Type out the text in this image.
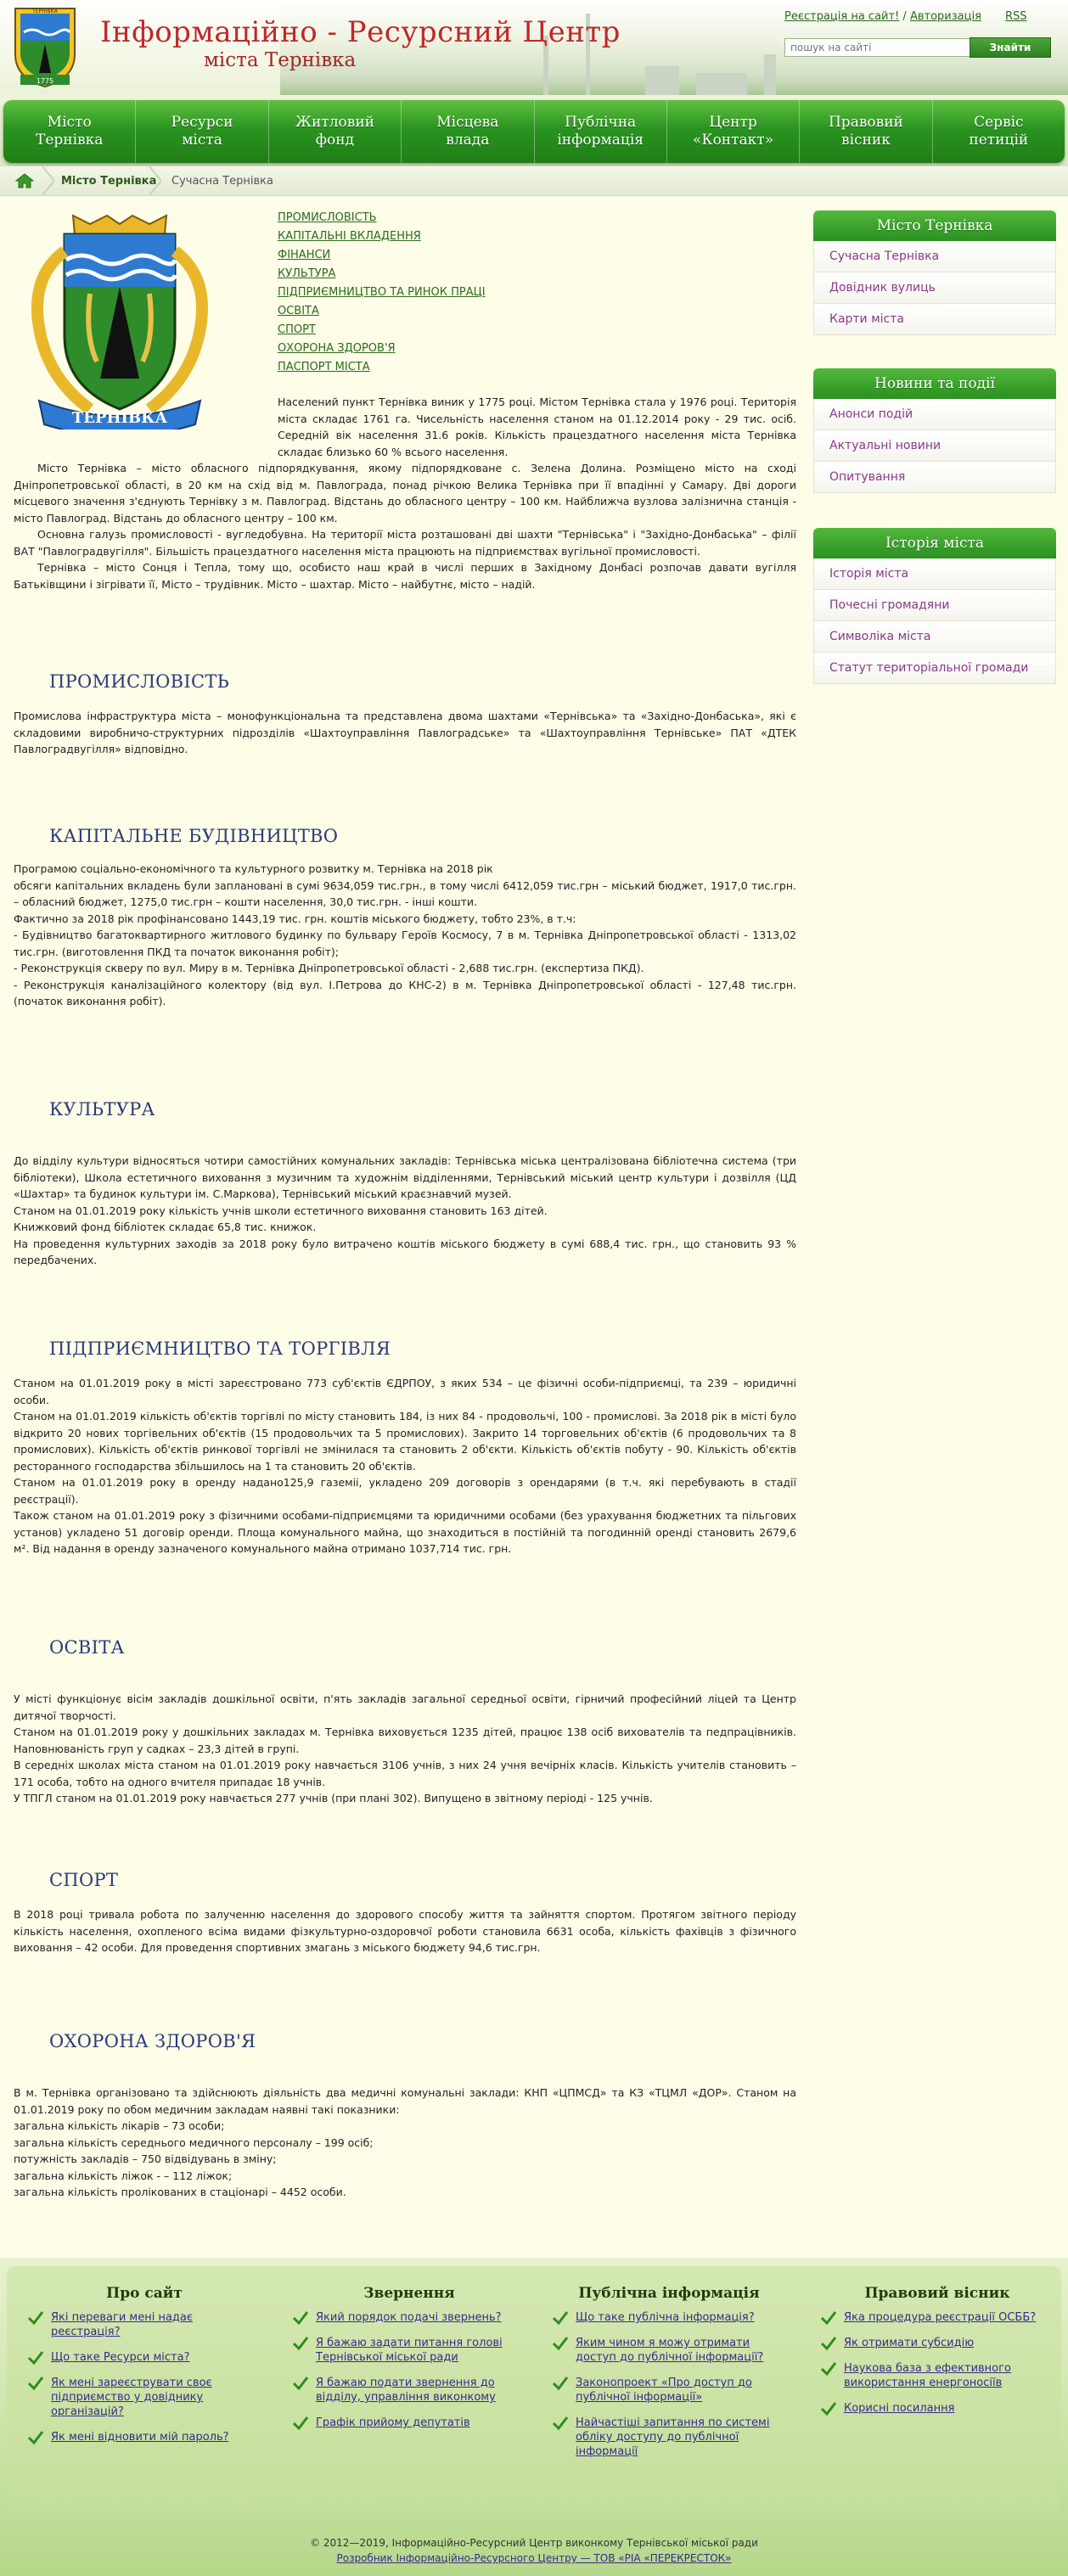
1775
ТЕРНІВКА
Інформаційно - Ресурсний Центр
міста Тернівка
Реєстрація на сайт! / Авторизація RSS
пошук на сайті
Знайти
Місто
Тернівка
Ресурси
міста
Житловий
фонд
Місцева
влада
Публічна
інформація
Центр
«Контакт»
Правовий
вісник
Сервіс
петицій
Місто Тернівка Сучасна Тернівка
ТЕРНІВКА
ПРОМИСЛОВІСТЬ
КАПІТАЛЬНІ ВКЛАДЕННЯ
ФІНАНСИ
КУЛЬТУРА
ПІДПРИЄМНИЦТВО ТА РИНОК ПРАЦІ
ОСВІТА
СПОРТ
ОХОРОНА ЗДОРОВ'Я
ПАСПОРТ МІСТА

Населений пункт Тернівка виник у 1775 році. Містом Тернівка стала у 1976 році. Територія міста складає 1761 га. Чисельність населення станом на 01.12.2014 року - 29 тис. осіб. Середній вік населення 31.6 років. Кількість працездатного населення міста Тернівка складає близько 60 % всього населення.

Місто Тернівка – місто обласного підпорядкування, якому підпорядковане с. Зелена Долина. Розміщено місто на сході Дніпропетровської області, в 20 км на схід від м. Павлограда, понад річкою Велика Тернівка при її впадінні у Самару. Дві дороги місцевого значення з'єднують Тернівку з м. Павлоград. Відстань до обласного центру – 100 км. Найближча вузлова залізнична станція - місто Павлоград. Відстань до обласного центру – 100 км.

Основна галузь промисловості - вугледобувна. На території міста розташовані дві шахти "Тернівська" і "Західно-Донбаська" – філії ВАТ "Павлоградвугілля". Більшість працездатного населення міста працюють на підприємствах вугільної промисловості.

Тернівка – місто Сонця і Тепла, тому що, особисто наш край в числі перших в Західному Донбасі розпочав давати вугілля Батьківщини і зігрівати її, Місто – трудівник. Місто – шахтар. Місто – найбутнє, місто – надій.

ПРОМИСЛОВІСТЬ

Промислова інфраструктура міста – монофункціональна та представлена двома шахтами «Тернівська» та «Західно-Донбаська», які є складовими виробничо-структурних підрозділів «Шахтоуправління Павлоградське» та «Шахтоуправління Тернівське» ПАТ «ДТЕК Павлоградвугілля» відповідно.

КАПІТАЛЬНЕ БУДІВНИЦТВО

Програмою соціально-економічного та культурного розвитку м. Тернівка на 2018 рік

обсяги капітальних вкладень були заплановані в сумі 9634,059 тис.грн., в тому числі 6412,059 тис.грн – міський бюджет, 1917,0 тис.грн. – обласний бюджет, 1275,0 тис.грн – кошти населення, 30,0 тис.грн. - інші кошти.

Фактично за 2018 рік профінансовано 1443,19 тис. грн. коштів міського бюджету, тобто 23%, в т.ч:

- Будівництво багатоквартирного житлового будинку по бульвару Героїв Космосу, 7 в м. Тернівка Дніпропетровської області - 1313,02 тис.грн. (виготовлення ПКД та початок виконання робіт);

- Реконструкція скверу по вул. Миру в м. Тернівка Дніпропетровської області - 2,688 тис.грн. (експертиза ПКД).

- Реконструкція каналізаційного колектору (від вул. І.Петрова до КНС-2) в м. Тернівка Дніпропетровської області - 127,48 тис.грн. (початок виконання робіт).

КУЛЬТУРА

До відділу культури відносяться чотири самостійних комунальних закладів: Тернівська міська централізована бібліотечна система (три бібліотеки), Школа естетичного виховання з музичним та художнім відділеннями, Тернівський міський центр культури і дозвілля (ЦД «Шахтар» та будинок культури ім. С.Маркова), Тернівський міський краєзнавчий музей.

Станом на 01.01.2019 року кількість учнів школи естетичного виховання становить 163 дітей.

Книжковий фонд бібліотек складає 65,8 тис. книжок.

На проведення культурних заходів за 2018 року було витрачено коштів міського бюджету в сумі 688,4 тис. грн., що становить 93 % передбачених.

ПІДПРИЄМНИЦТВО ТА ТОРГІВЛЯ

Станом на 01.01.2019 року в місті зареєстровано 773 суб'єктів ЄДРПОУ, з яких 534 – це фізичні особи-підприємці, та 239 – юридичні особи.

Станом на 01.01.2019 кількість об'єктів торгівлі по місту становить 184, із них 84 - продовольчі, 100 - промислові. За 2018 рік в місті було відкрито 20 нових торгівельних об'єктів (15 продовольчих та 5 промислових). Закрито 14 торговельних об'єктів (6 продовольчих та 8 промислових). Кількість об'єктів ринкової торгівлі не змінилася та становить 2 об'єкти. Кількість об'єктів побуту - 90. Кількість об'єктів ресторанного господарства збільшилось на 1 та становить 20 об'єктів.

Станом на 01.01.2019 року в оренду надано125,9 газеміі, укладено 209 договорів з орендарями (в т.ч. які перебувають в стадії реєстрації).

Також станом на 01.01.2019 року з фізичними особами-підприємцями та юридичними особами (без урахування бюджетних та пільгових установ) укладено 51 договір оренди. Площа комунального майна, що знаходиться в постійній та погодинній оренді становить 2679,6 м². Від надання в оренду зазначеного комунального майна отримано 1037,714 тис. грн.

ОСВІТА

У місті функціонує вісім закладів дошкільної освіти, п'ять закладів загальної середньої освіти, гірничий професійний ліцей та Центр дитячої творчості.

Станом на 01.01.2019 року у дошкільних закладах м. Тернівка виховується 1235 дітей, працює 138 осіб вихователів та педпрацівників. Наповнюваність груп у садках – 23,3 дітей в групі.

В середніх школах міста станом на 01.01.2019 року навчається 3106 учнів, з них 24 учня вечірніх класів. Кількість учителів становить – 171 особа, тобто на одного вчителя припадає 18 учнів.

У ТПГЛ станом на 01.01.2019 року навчається 277 учнів (при плані 302). Випущено в звітному періоді - 125 учнів.

СПОРТ

В 2018 році тривала робота по залученню населення до здорового способу життя та зайняття спортом. Протягом звітного періоду кількість населення, охопленого всіма видами фізкультурно-оздоровчої роботи становила 6631 особа, кількість фахівців з фізичного виховання – 42 особи. Для проведення спортивних змагань з міського бюджету 94,6 тис.грн.

ОХОРОНА ЗДОРОВ'Я

В м. Тернівка організовано та здійснюють діяльність два медичні комунальні заклади: КНП «ЦПМСД» та КЗ «ТЦМЛ «ДОР». Станом на 01.01.2019 року по обом медичним закладам наявні такі показники:

загальна кількість лікарів – 73 особи;

загальна кількість середнього медичного персоналу – 199 осіб;

потужність закладів – 750 відвідувань в зміну;

загальна кількість ліжок - – 112 ліжок;

загальна кількість пролікованих в стаціонарі – 4452 особи.

Місто Тернівка
Сучасна Тернівка
Довідник вулиць
Карти міста
Новини та події
Анонси подій
Актуальні новини
Опитування
Історія міста
Історія міста
Почесні громадяни
Символіка міста
Статут територіальної громади
Про сайт
Які переваги мені надає реєстрація?
Що таке Ресурси міста?
Як мені зареєструвати своє підприємство у довіднику організацій?
Як мені відновити мій пароль?
Звернення
Який порядок подачі звернень?
Я бажаю задати питання голові Тернівської міської ради
Я бажаю подати звернення до відділу, управління виконкому
Графік прийому депутатів
Публічна інформація
Що таке публічна інформація?
Яким чином я можу отримати доступ до публічної інформації?
Законопроект «Про доступ до публічної інформації»
Найчастіші запитання по системі обліку доступу до публічної інформації
Правовий вісник
Яка процедура реєстрації ОСББ?
Як отримати субсидію
Наукова база з ефективного використання енергоносіїв
Корисні посилання
© 2012—2019, Інформаційно-Ресурсний Центр виконкому Тернівської міської ради
Розробник Інформаційно-Ресурсного Центру — ТОВ «РІА «ПЕРЕКРЕСТОК»
